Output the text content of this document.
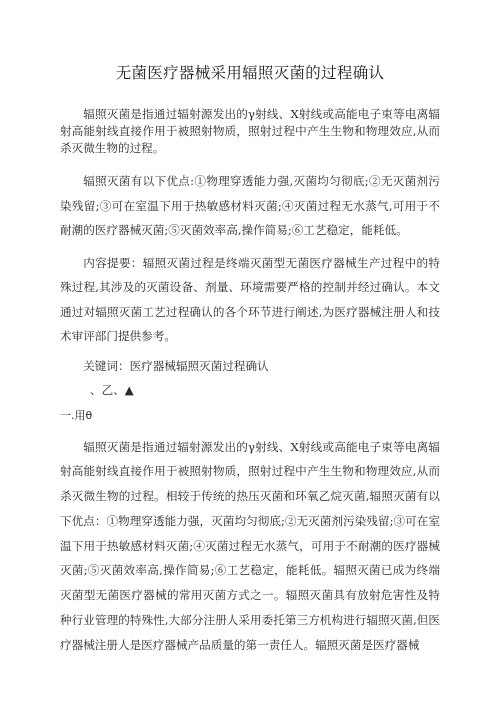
无菌医疗器械采用辐照灭菌的过程确认

辐照灭菌是指通过辐射源发出的γ射线、X射线或高能电子束等电离辐射高能射线直接作用于被照射物质，照射过程中产生生物和物理效应,从而杀灭微生物的过程。

辐照灭菌有以下优点:①物理穿透能力强,灭菌均匀彻底;②无灭菌剂污染残留;③可在室温下用于热敏感材料灭菌;④灭菌过程无水蒸气,可用于不耐潮的医疗器械灭菌;⑤灭菌效率高,操作简易;⑥工艺稳定，能耗低。

内容提要：辐照灭菌过程是终端灭菌型无菌医疗器械生产过程中的特殊过程,其涉及的灭菌设备、剂量、环境需要严格的控制并经过确认。本文通过对辐照灭菌工艺过程确认的各个环节进行阐述,为医疗器械注册人和技术审评部门提供参考。

关键词：医疗器械辐照灭菌过程确认

、乙、▲

一.用θ

辐照灭菌是指通过辐射源发出的γ射线、X射线或高能电子束等电离辐射高能射线直接作用于被照射物质，照射过程中产生生物和物理效应,从而杀灭微生物的过程。相较于传统的热压灭菌和环氧乙烷灭菌,辐照灭菌有以下优点：①物理穿透能力强，灭菌均匀彻底;②无灭菌剂污染残留;③可在室温下用于热敏感材料灭菌;④灭菌过程无水蒸气，可用于不耐潮的医疗器械灭菌;⑤灭菌效率高,操作简易;⑥工艺稳定，能耗低。辐照灭菌已成为终端灭菌型无菌医疗器械的常用灭菌方式之一。辐照灭菌具有放射危害性及特种行业管理的特殊性,大部分注册人采用委托第三方机构进行辐照灭菌,但医疗器械注册人是医疗器械产品质量的第一责任人。辐照灭菌是医疗器械
